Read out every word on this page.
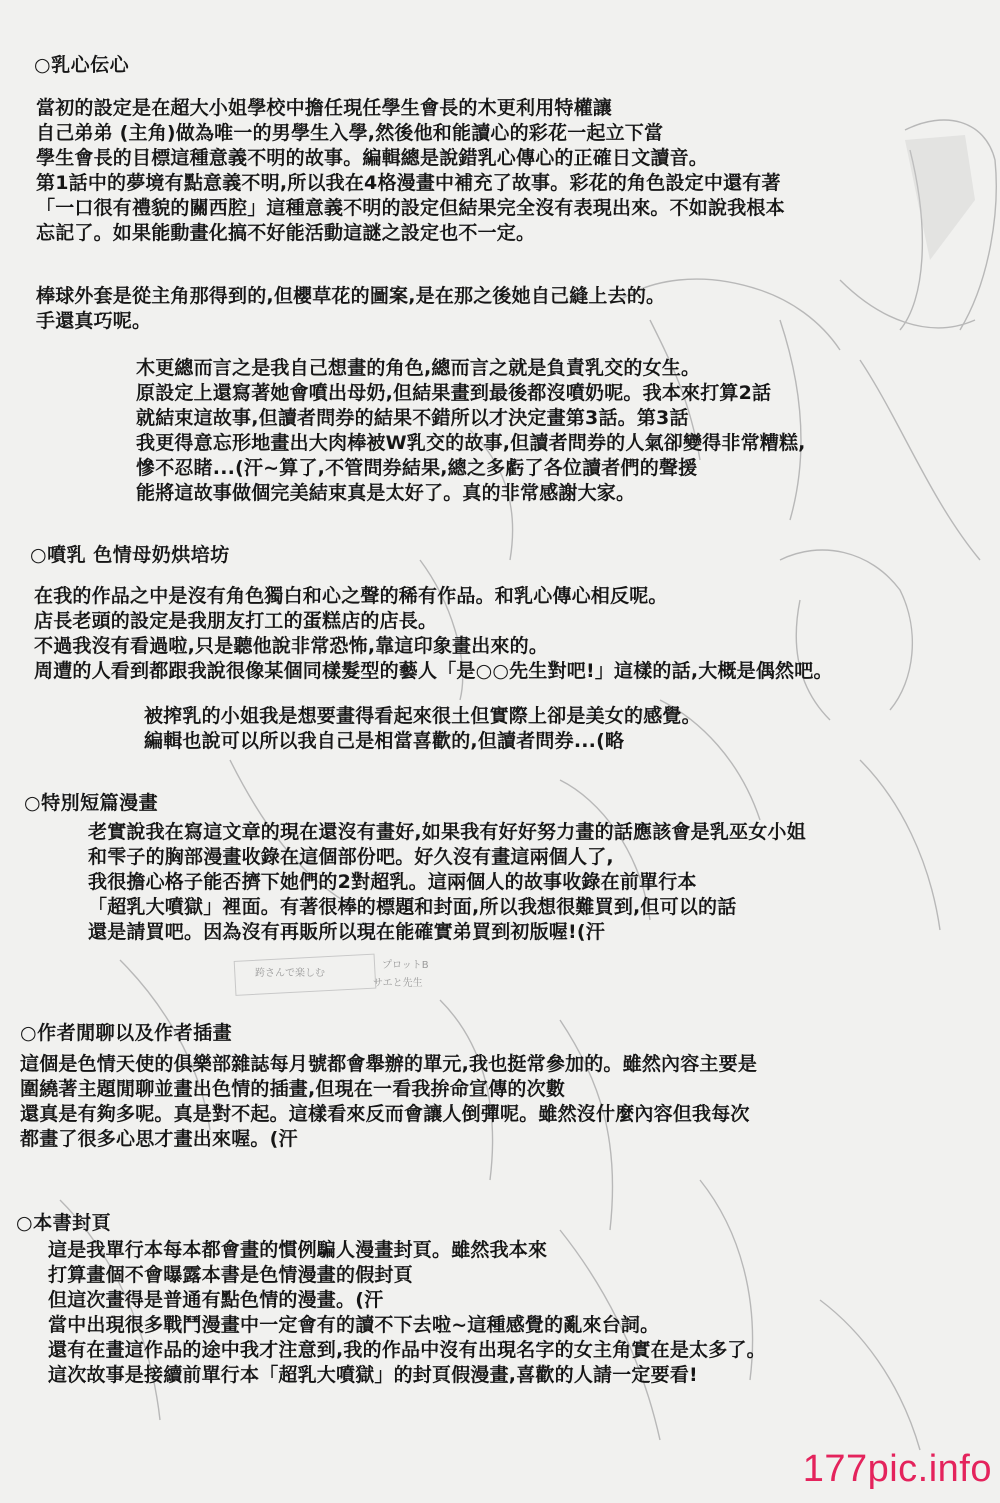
跨さんで楽しむ
プロットB
サエと先生
○乳心伝心
當初的設定是在超大小姐學校中擔任現任學生會長的木更利用特權讓
自己弟弟 (主角)做為唯一的男學生入學,然後他和能讀心的彩花一起立下當
學生會長的目標這種意義不明的故事。編輯總是說錯乳心傳心的正確日文讀音。
第1話中的夢境有點意義不明,所以我在4格漫畫中補充了故事。彩花的角色設定中還有著
「一口很有禮貌的關西腔」這種意義不明的設定但結果完全沒有表現出來。不如說我根本
忘記了。如果能動畫化搞不好能活動這謎之設定也不一定。
棒球外套是從主角那得到的,但櫻草花的圖案,是在那之後她自己縫上去的。
手還真巧呢。
木更總而言之是我自己想畫的角色,總而言之就是負責乳交的女生。
原設定上還寫著她會噴出母奶,但結果畫到最後都沒噴奶呢。我本來打算2話
就結束這故事,但讀者問券的結果不錯所以才決定畫第3話。第3話
我更得意忘形地畫出大肉棒被W乳交的故事,但讀者問券的人氣卻變得非常糟糕,
慘不忍睹...(汗~算了,不管問券結果,總之多虧了各位讀者們的聲援
能將這故事做個完美結束真是太好了。真的非常感謝大家。
○噴乳 色情母奶烘培坊
在我的作品之中是沒有角色獨白和心之聲的稀有作品。和乳心傳心相反呢。
店長老頭的設定是我朋友打工的蛋糕店的店長。
不過我沒有看過啦,只是聽他說非常恐怖,靠這印象畫出來的。
周遭的人看到都跟我說很像某個同樣髮型的藝人「是○○先生對吧!」這樣的話,大概是偶然吧。
被搾乳的小姐我是想要畫得看起來很土但實際上卻是美女的感覺。
編輯也說可以所以我自己是相當喜歡的,但讀者問券...(略
○特別短篇漫畫
老實說我在寫這文章的現在還沒有畫好,如果我有好好努力畫的話應該會是乳巫女小姐
和雫子的胸部漫畫收錄在這個部份吧。好久沒有畫這兩個人了,
我很擔心格子能否擠下她們的2對超乳。這兩個人的故事收錄在前單行本
「超乳大噴獄」裡面。有著很棒的標題和封面,所以我想很難買到,但可以的話
還是請買吧。因為沒有再販所以現在能確實弟買到初版喔!(汗
○作者閒聊以及作者插畫
這個是色情天使的俱樂部雜誌每月號都會舉辦的單元,我也挺常參加的。雖然內容主要是
圍繞著主題閒聊並畫出色情的插畫,但現在一看我拚命宣傳的次數
還真是有夠多呢。真是對不起。這樣看來反而會讓人倒彈呢。雖然沒什麼內容但我每次
都畫了很多心思才畫出來喔。(汗
○本書封頁
這是我單行本每本都會畫的慣例騙人漫畫封頁。雖然我本來
打算畫個不會曝露本書是色情漫畫的假封頁
但這次畫得是普通有點色情的漫畫。(汗
當中出現很多戰鬥漫畫中一定會有的讀不下去啦~這種感覺的亂來台詞。
還有在畫這作品的途中我才注意到,我的作品中沒有出現名字的女主角實在是太多了。
這次故事是接續前單行本「超乳大噴獄」的封頁假漫畫,喜歡的人請一定要看!
177pic.info
